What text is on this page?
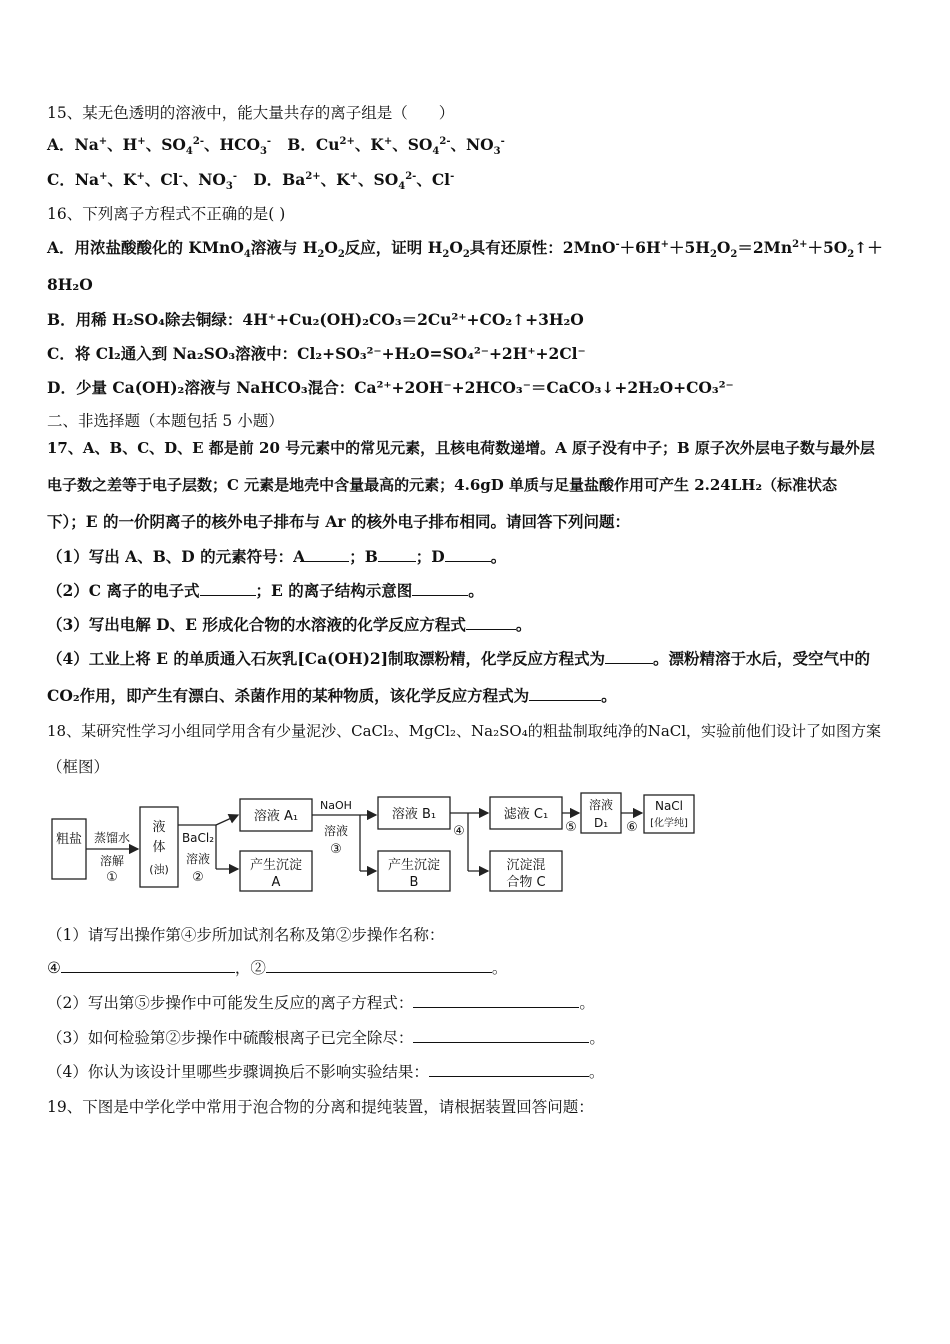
15、某无色透明的溶液中，能大量共存的离子组是（　　）
A．Na+、H+、$SO_4^{2-}$、$HCO_3^-$ B．$Cu^{2+}$、K+、$SO_4^{2-}$、$NO_3^-$
C．Na+、K+、Cl-、$NO_3^-$ D．$Ba^{2+}$、K+、$SO_4^{2-}$、Cl-
16、下列离子方程式不正确的是( )
A．用浓盐酸酸化的 KMnO$_4$溶液与 $H_2O_2$反应，证明 $H_2O_2$具有还原性：$2MnO^-+6H^++5H_2O_2=2Mn^{2+}+5O_2↑+$
8H₂O
B．用稀 H₂SO₄除去铜绿：4H⁺+Cu₂(OH)₂CO₃＝2Cu²⁺+CO₂↑+3H₂O
C．将 Cl₂通入到 Na₂SO₃溶液中：Cl₂+SO₃²⁻+H₂O=SO₄²⁻+2H⁺+2Cl⁻
D．少量 Ca(OH)₂溶液与 NaHCO₃混合：Ca²⁺+2OH⁻+2HCO₃⁻＝CaCO₃↓+2H₂O+CO₃²⁻
二、非选择题（本题包括 5 小题）
17、A、B、C、D、E 都是前 20 号元素中的常见元素，且核电荷数递增。A 原子没有中子；B 原子次外层电子数与最外层
电子数之差等于电子层数；C 元素是地壳中含量最高的元素；4.6gD 单质与足量盐酸作用可产生 2.24LH₂（标准状态
下）；E 的一价阴离子的核外电子排布与 Ar 的核外电子排布相同。请回答下列问题：
（1）写出 A、B、D 的元素符号：A	；B ；D	。
（2）C 离子的电子式	；E 的离子结构示意图	。
（3）写出电解 D、E 形成化合物的水溶液的化学反应方程式	。
（4）工业上将 E 的单质通入石灰乳[Ca(OH)2]制取漂粉精，化学反应方程式为	。漂粉精溶于水后，受空气中的
CO₂作用，即产生有漂白、杀菌作用的某种物质，该化学反应方程式为	。
18、某研究性学习小组同学用含有少量泥沙、CaCl₂、MgCl₂、Na₂SO₄的粗盐制取纯净的NaCl，实验前他们设计了如图方案
（框图）
粗盐 蒸馏水
溶解
①
液
体
(浊)
BaCl₂
溶液
②
溶液 A₁
产生沉淀
A
NaOH
溶液
③
溶液 B₁
产生沉淀
B
④
滤液 C₁
沉淀混
合物 C
⑤
溶液
D₁ ⑥
NaCl
[化学纯]
（1）请写出操作第④步所加试剂名称及第②步操作名称：
④	，②	。
（2）写出第⑤步操作中可能发生反应的离子方程式：	。
（3）如何检验第②步操作中硫酸根离子已完全除尽：	。
（4）你认为该设计里哪些步骤调换后不影响实验结果：	。
19、下图是中学化学中常用于泡合物的分离和提纯装置，请根据装置回答问题：
